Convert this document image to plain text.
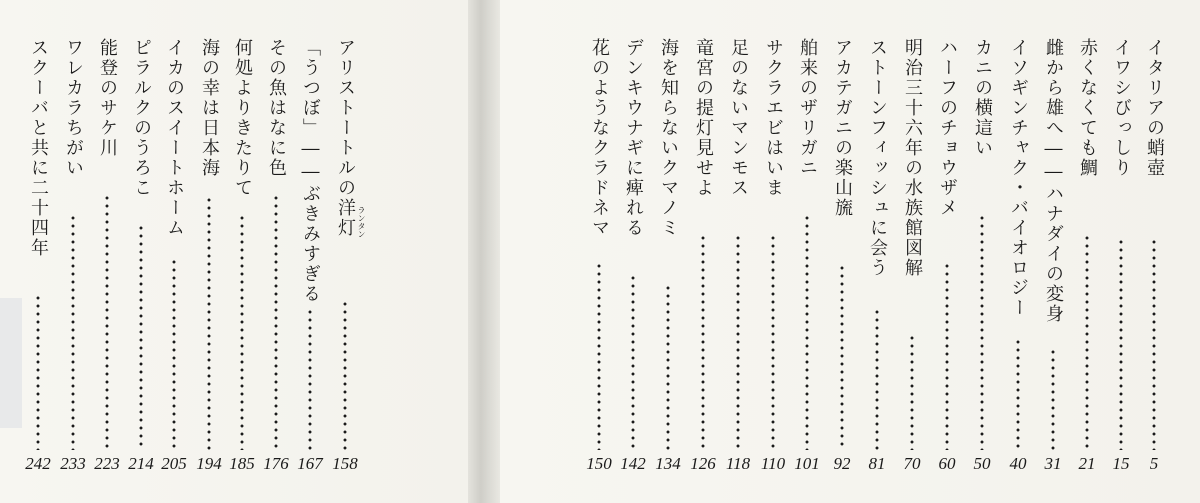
アリストートルの洋灯 ランタン
158
「うつぼ」――ぶきみすぎる
167
その魚はなに色
176
何処よりきたりて
185
海の幸は日本海
194
イカのスイートホーム
205
ピラルクのうろこ
214
能登のサケ川
223
ワレカラちがい
233
スクーバと共に二十四年
242
イタリアの蛸壺
5
イワシびっしり
15
赤くなくても鯛
21
雌から雄へ――ハナダイの変身
31
イソギンチャク・バイオロジー
40
カニの横這い
50
ハーフのチョウザメ
60
明治三十六年の水族館図解
70
ストーンフィッシュに会う
81
アカテガニの楽山旒
92
舶来のザリガニ
101
サクラエビはいま
110
足のないマンモス
118
竜宮の提灯見せよ
126
海を知らないクマノミ
134
デンキウナギに痺れる
142
花のようなクラドネマ
150
